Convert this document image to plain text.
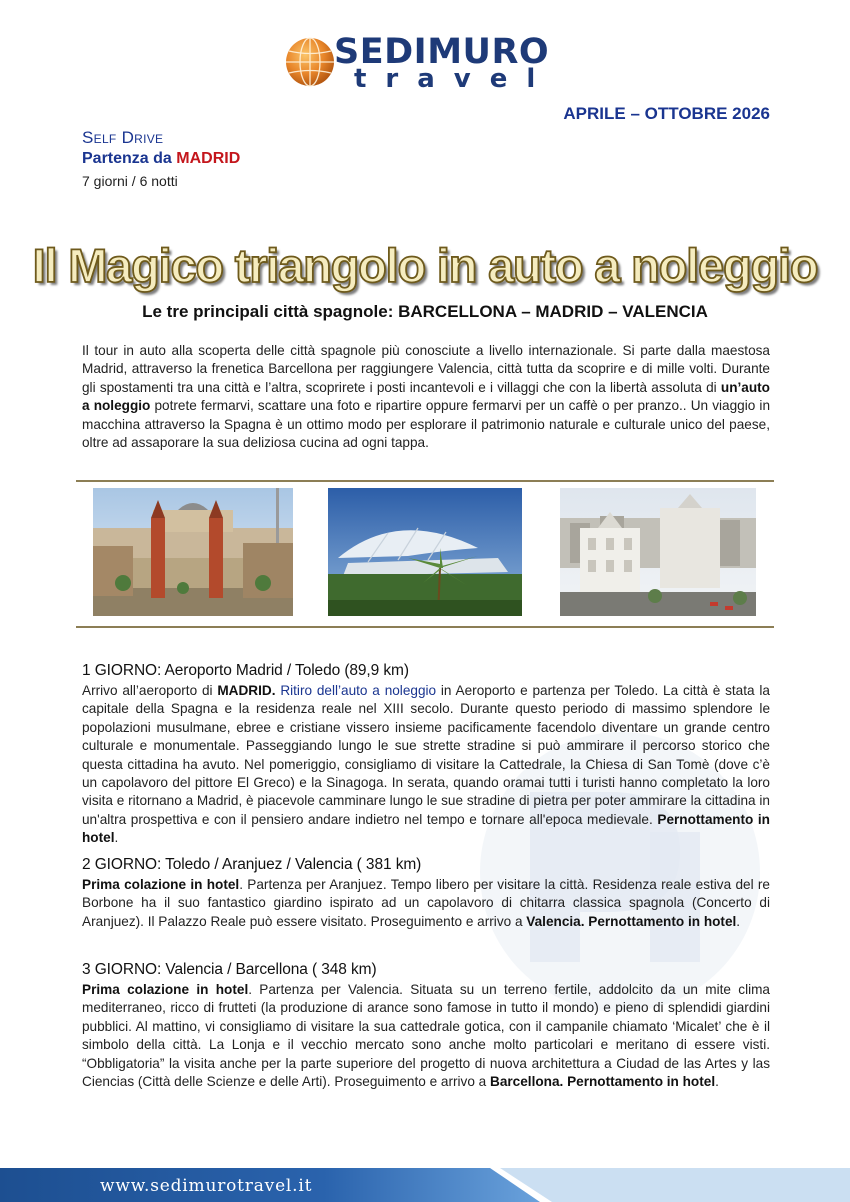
SEDIMURO
travel
APRILE – OTTOBRE 2026
Self Drive
Partenza da MADRID
7 giorni / 6 notti
Il Magico triangolo in auto a noleggio
Le tre principali città spagnole: BARCELLONA – MADRID – VALENCIA
Il tour in auto alla scoperta delle città spagnole più conosciute a livello internazionale. Si parte dalla maestosa Madrid, attraverso la frenetica Barcellona per raggiungere Valencia, città tutta da scoprire e di mille volti. Durante gli spostamenti tra una città e l’altra, scoprirete i posti incantevoli e i villaggi che con la libertà assoluta di un’auto a noleggio potrete fermarvi, scattare una foto e ripartire oppure fermarvi per un caffè o per pranzo.. Un viaggio in macchina attraverso la Spagna è un ottimo modo per esplorare il patrimonio naturale e culturale unico del paese, oltre ad assaporare la sua deliziosa cucina ad ogni tappa.
1 GIORNO: Aeroporto Madrid / Toledo (89,9 km)
Arrivo all’aeroporto di MADRID. Ritiro dell’auto a noleggio in Aeroporto e partenza per Toledo. La città è stata la capitale della Spagna e la residenza reale nel XIII secolo. Durante questo periodo di massimo splendore le popolazioni musulmane, ebree e cristiane vissero insieme pacificamente facendolo diventare un grande centro culturale e monumentale. Passeggiando lungo le sue strette stradine si può ammirare il percorso storico che questa cittadina ha avuto. Nel pomeriggio, consigliamo di visitare la Cattedrale, la Chiesa di San Tomè (dove c’è un capolavoro del pittore El Greco) e la Sinagoga. In serata, quando oramai tutti i turisti hanno completato la loro visita e ritornano a Madrid, è piacevole camminare lungo le sue stradine di pietra per poter ammirare la cittadina in un'altra prospettiva e con il pensiero andare indietro nel tempo e tornare all'epoca medievale. Pernottamento in hotel.
2 GIORNO: Toledo / Aranjuez / Valencia ( 381 km)
Prima colazione in hotel. Partenza per Aranjuez. Tempo libero per visitare la città. Residenza reale estiva del re Borbone ha il suo fantastico giardino ispirato ad un capolavoro di chitarra classica spagnola (Concerto di Aranjuez). Il Palazzo Reale può essere visitato. Proseguimento e arrivo a Valencia. Pernottamento in hotel.
3 GIORNO: Valencia / Barcellona ( 348 km)
Prima colazione in hotel. Partenza per Valencia. Situata su un terreno fertile, addolcito da un mite clima mediterraneo, ricco di frutteti (la produzione di arance sono famose in tutto il mondo) e pieno di splendidi giardini pubblici. Al mattino, vi consigliamo di visitare la sua cattedrale gotica, con il campanile chiamato ‘Micalet’ che è il simbolo della città. La Lonja e il vecchio mercato sono anche molto particolari e meritano di essere visti. “Obbligatoria” la visita anche per la parte superiore del progetto di nuova architettura a Ciudad de las Artes y las Ciencias (Città delle Scienze e delle Arti). Proseguimento e arrivo a Barcellona. Pernottamento in hotel.
www.sedimurotravel.it
